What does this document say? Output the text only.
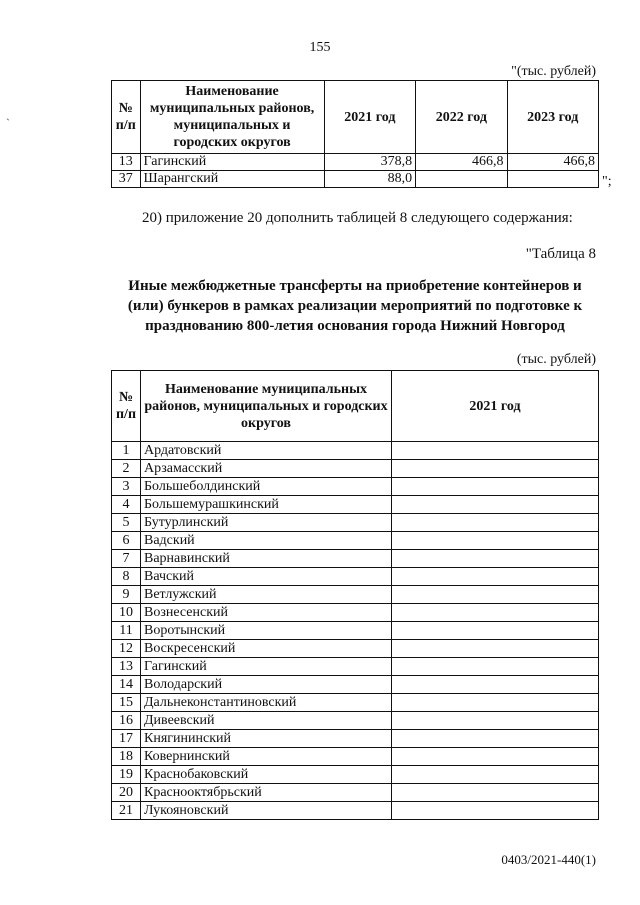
155
`
"(тыс. рублей)
№ п/п	Наименование муниципальных районов, муниципальных и городских округов	2021 год	2022 год	2023 год
13	Гагинский	378,8	466,8	466,8
37	Шарангский	88,0			";
20) приложение 20 дополнить таблицей 8 следующего содержания:
"Таблица 8
Иные межбюджетные трансферты на приобретение контейнеров и (или) бункеров в рамках реализации мероприятий по подготовке к празднованию 800-летия основания города Нижний Новгород
(тыс. рублей)
№ п/п	Наименование муниципальных районов, муниципальных и городских округов	2021 год
1	Ардатовский	
2	Арзамасский	
3	Большеболдинский	
4	Большемурашкинский	
5	Бутурлинский	
6	Вадский	
7	Варнавинский	
8	Вачский	
9	Ветлужский	
10	Вознесенский	
11	Воротынский	
12	Воскресенский	
13	Гагинский	
14	Володарский	
15	Дальнеконстантиновский	
16	Дивеевский	
17	Княгининский	
18	Ковернинский	
19	Краснобаковский	
20	Краснооктябрьский	
21	Лукояновский	
0403/2021-440(1)
